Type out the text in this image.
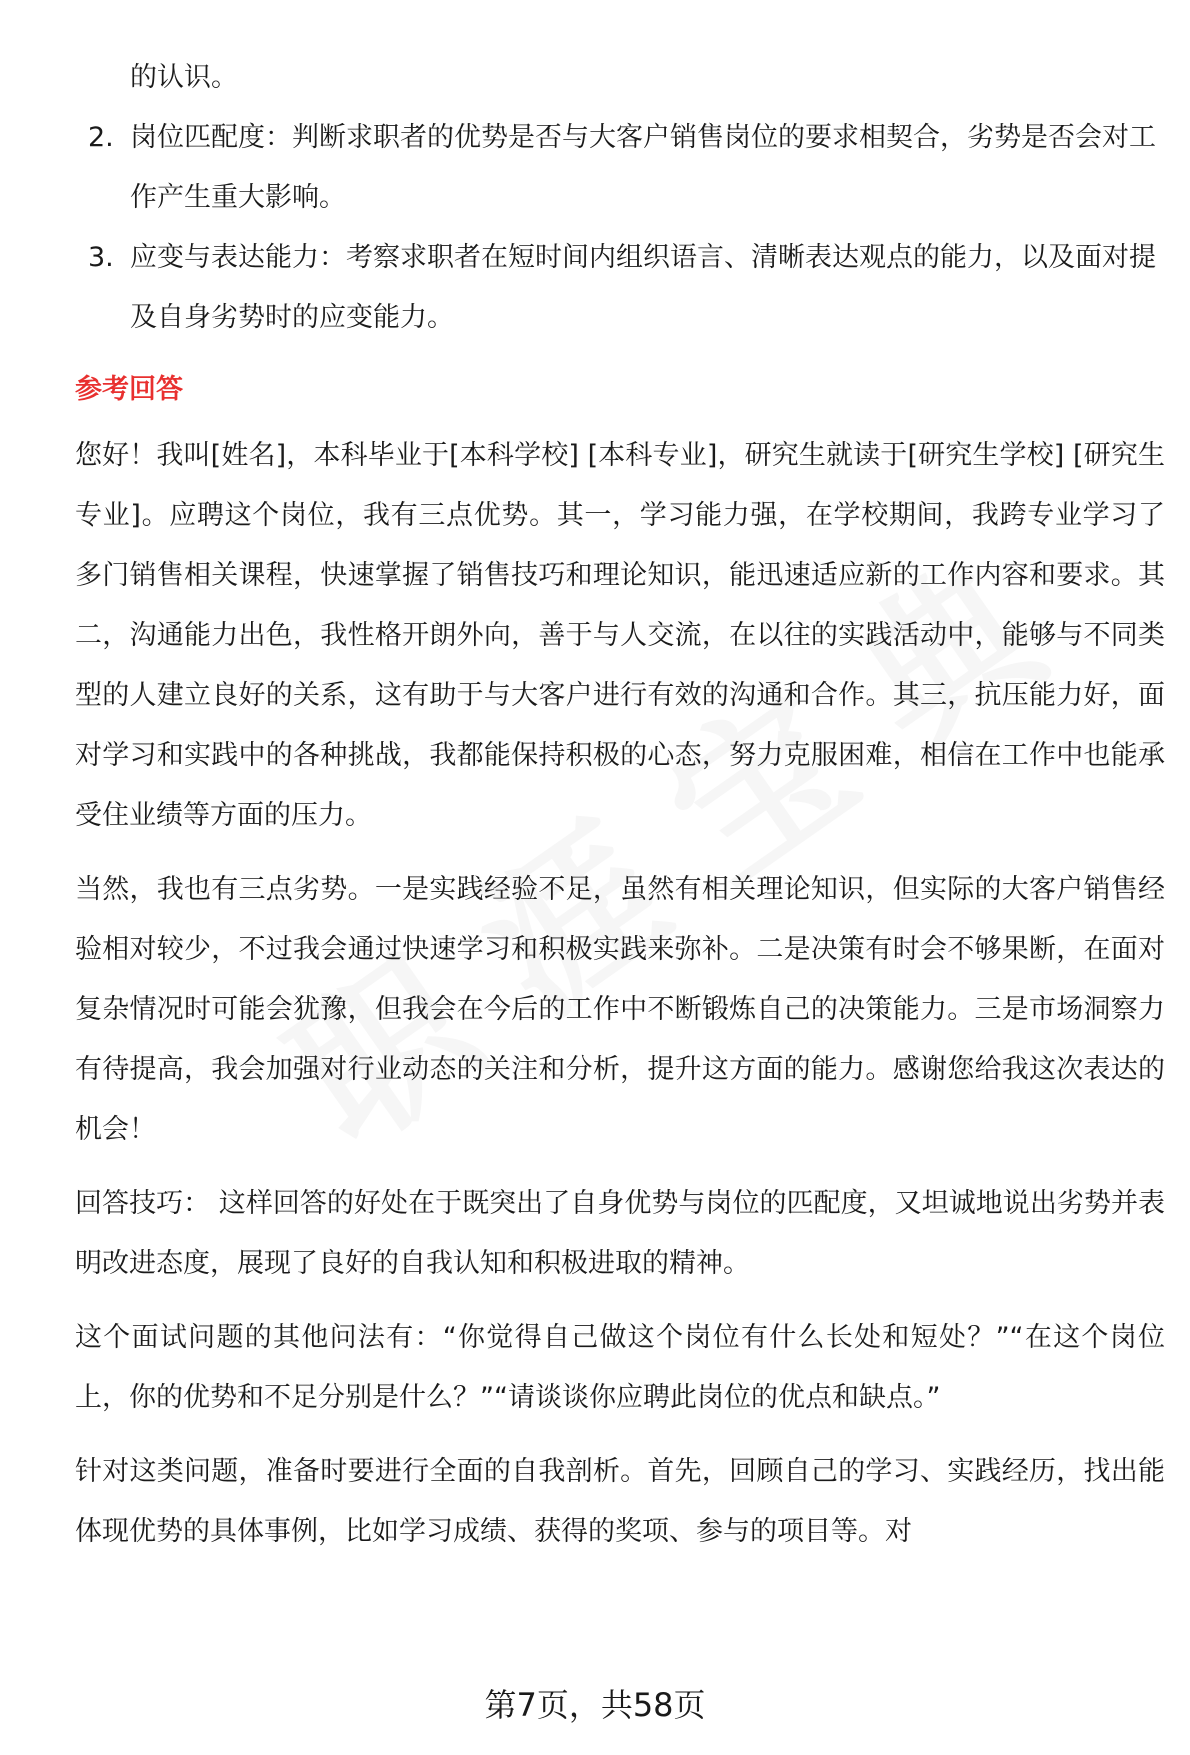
的认识。
2. 岗位匹配度：判断求职者的优势是否与大客户销售岗位的要求相契合，劣势是否会对工作产生重大影响。
3. 应变与表达能力：考察求职者在短时间内组织语言、清晰表达观点的能力，以及面对提及自身劣势时的应变能力。
参考回答
您好！我叫[姓名]，本科毕业于[本科学校] [本科专业]，研究生就读于[研究生学校] [研究生专业]。应聘这个岗位，我有三点优势。其一，学习能力强，在学校期间，我跨专业学习了多门销售相关课程，快速掌握了销售技巧和理论知识，能迅速适应新的工作内容和要求。其二，沟通能力出色，我性格开朗外向，善于与人交流，在以往的实践活动中，能够与不同类型的人建立良好的关系，这有助于与大客户进行有效的沟通和合作。其三，抗压能力好，面对学习和实践中的各种挑战，我都能保持积极的心态，努力克服困难，相信在工作中也能承受住业绩等方面的压力。
当然，我也有三点劣势。一是实践经验不足，虽然有相关理论知识，但实际的大客户销售经验相对较少，不过我会通过快速学习和积极实践来弥补。二是决策有时会不够果断，在面对复杂情况时可能会犹豫，但我会在今后的工作中不断锻炼自己的决策能力。三是市场洞察力有待提高，我会加强对行业动态的关注和分析，提升这方面的能力。感谢您给我这次表达的机会！
回答技巧： 这样回答的好处在于既突出了自身优势与岗位的匹配度，又坦诚地说出劣势并表明改进态度，展现了良好的自我认知和积极进取的精神。
这个面试问题的其他问法有：“你觉得自己做这个岗位有什么长处和短处？”“在这个岗位上，你的优势和不足分别是什么？”“请谈谈你应聘此岗位的优点和缺点。”
针对这类问题，准备时要进行全面的自我剖析。首先，回顾自己的学习、实践经历，找出能体现优势的具体事例，比如学习成绩、获得的奖项、参与的项目等。对
第7页，共58页
